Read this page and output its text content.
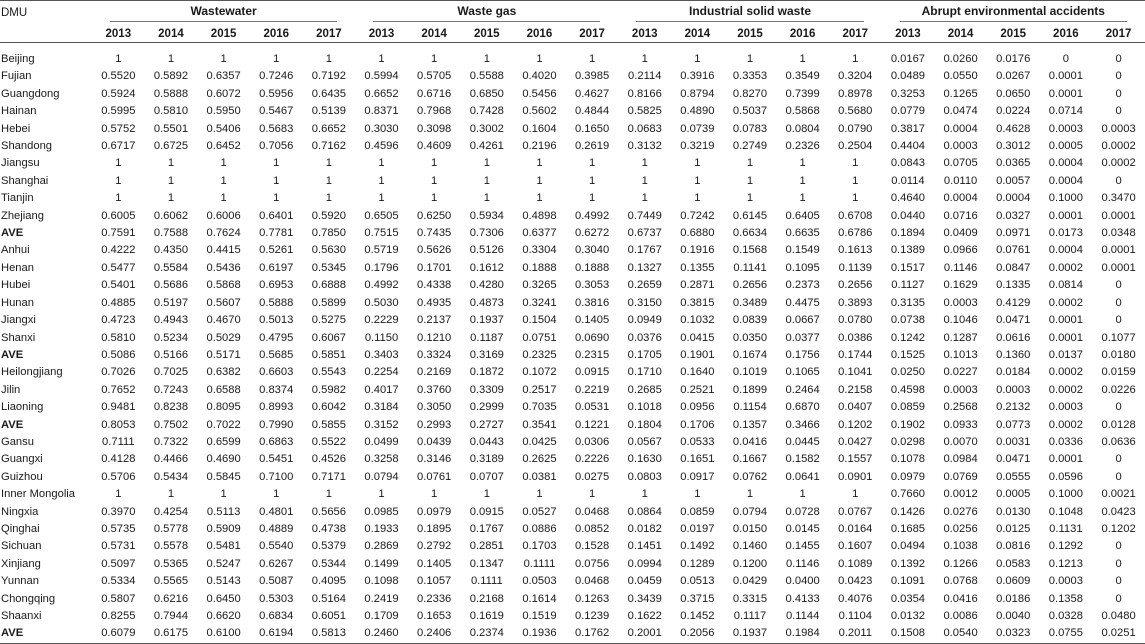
DMU	Wastewater					Waste gas					Industrial solid waste					Abrupt environmental accidents				

	2013	2014	2015	2016	2017	2013	2014	2015	2016	2017	2013	2014	2015	2016	2017	2013	2014	2015	2016	2017

Beijing	1	1	1	1	1	1	1	1	1	1	1	1	1	1	1	0.0167	0.0260	0.0176	0	0
Fujian	0.5520	0.5892	0.6357	0.7246	0.7192	0.5994	0.5705	0.5588	0.4020	0.3985	0.2114	0.3916	0.3353	0.3549	0.3204	0.0489	0.0550	0.0267	0.0001	0
Guangdong	0.5924	0.5888	0.6072	0.5956	0.6435	0.6652	0.6716	0.6850	0.5456	0.4627	0.8166	0.8794	0.8270	0.7399	0.8978	0.3253	0.1265	0.0650	0.0001	0
Hainan	0.5995	0.5810	0.5950	0.5467	0.5139	0.8371	0.7968	0.7428	0.5602	0.4844	0.5825	0.4890	0.5037	0.5868	0.5680	0.0779	0.0474	0.0224	0.0714	0
Hebei	0.5752	0.5501	0.5406	0.5683	0.6652	0.3030	0.3098	0.3002	0.1604	0.1650	0.0683	0.0739	0.0783	0.0804	0.0790	0.3817	0.0004	0.4628	0.0003	0.0003
Shandong	0.6717	0.6725	0.6452	0.7056	0.7162	0.4596	0.4609	0.4261	0.2196	0.2619	0.3132	0.3219	0.2749	0.2326	0.2504	0.4404	0.0003	0.3012	0.0005	0.0002
Jiangsu	1	1	1	1	1	1	1	1	1	1	1	1	1	1	1	0.0843	0.0705	0.0365	0.0004	0.0002
Shanghai	1	1	1	1	1	1	1	1	1	1	1	1	1	1	1	0.0114	0.0110	0.0057	0.0004	0
Tianjin	1	1	1	1	1	1	1	1	1	1	1	1	1	1	1	0.4640	0.0004	0.0004	0.1000	0.3470
Zhejiang	0.6005	0.6062	0.6006	0.6401	0.5920	0.6505	0.6250	0.5934	0.4898	0.4992	0.7449	0.7242	0.6145	0.6405	0.6708	0.0440	0.0716	0.0327	0.0001	0.0001
AVE	0.7591	0.7588	0.7624	0.7781	0.7850	0.7515	0.7435	0.7306	0.6377	0.6272	0.6737	0.6880	0.6634	0.6635	0.6786	0.1894	0.0409	0.0971	0.0173	0.0348
Anhui	0.4222	0.4350	0.4415	0.5261	0.5630	0.5719	0.5626	0.5126	0.3304	0.3040	0.1767	0.1916	0.1568	0.1549	0.1613	0.1389	0.0966	0.0761	0.0004	0.0001
Henan	0.5477	0.5584	0.5436	0.6197	0.5345	0.1796	0.1701	0.1612	0.1888	0.1888	0.1327	0.1355	0.1141	0.1095	0.1139	0.1517	0.1146	0.0847	0.0002	0.0001
Hubei	0.5401	0.5686	0.5868	0.6953	0.6888	0.4992	0.4338	0.4280	0.3265	0.3053	0.2659	0.2871	0.2656	0.2373	0.2656	0.1127	0.1629	0.1335	0.0814	0
Hunan	0.4885	0.5197	0.5607	0.5888	0.5899	0.5030	0.4935	0.4873	0.3241	0.3816	0.3150	0.3815	0.3489	0.4475	0.3893	0.3135	0.0003	0.4129	0.0002	0
Jiangxi	0.4723	0.4943	0.4670	0.5013	0.5275	0.2229	0.2137	0.1937	0.1504	0.1405	0.0949	0.1032	0.0839	0.0667	0.0780	0.0738	0.1046	0.0471	0.0001	0
Shanxi	0.5810	0.5234	0.5029	0.4795	0.6067	0.1150	0.1210	0.1187	0.0751	0.0690	0.0376	0.0415	0.0350	0.0377	0.0386	0.1242	0.1287	0.0616	0.0001	0.1077
AVE	0.5086	0.5166	0.5171	0.5685	0.5851	0.3403	0.3324	0.3169	0.2325	0.2315	0.1705	0.1901	0.1674	0.1756	0.1744	0.1525	0.1013	0.1360	0.0137	0.0180
Heilongjiang	0.7026	0.7025	0.6382	0.6603	0.5543	0.2254	0.2169	0.1872	0.1072	0.0915	0.1710	0.1640	0.1019	0.1065	0.1041	0.0250	0.0227	0.0184	0.0002	0.0159
Jilin	0.7652	0.7243	0.6588	0.8374	0.5982	0.4017	0.3760	0.3309	0.2517	0.2219	0.2685	0.2521	0.1899	0.2464	0.2158	0.4598	0.0003	0.0003	0.0002	0.0226
Liaoning	0.9481	0.8238	0.8095	0.8993	0.6042	0.3184	0.3050	0.2999	0.7035	0.0531	0.1018	0.0956	0.1154	0.6870	0.0407	0.0859	0.2568	0.2132	0.0003	0
AVE	0.8053	0.7502	0.7022	0.7990	0.5855	0.3152	0.2993	0.2727	0.3541	0.1221	0.1804	0.1706	0.1357	0.3466	0.1202	0.1902	0.0933	0.0773	0.0002	0.0128
Gansu	0.7111	0.7322	0.6599	0.6863	0.5522	0.0499	0.0439	0.0443	0.0425	0.0306	0.0567	0.0533	0.0416	0.0445	0.0427	0.0298	0.0070	0.0031	0.0336	0.0636
Guangxi	0.4128	0.4466	0.4690	0.5451	0.4526	0.3258	0.3146	0.3189	0.2625	0.2226	0.1630	0.1651	0.1667	0.1582	0.1557	0.1078	0.0984	0.0471	0.0001	0
Guizhou	0.5706	0.5434	0.5845	0.7100	0.7171	0.0794	0.0761	0.0707	0.0381	0.0275	0.0803	0.0917	0.0762	0.0641	0.0901	0.0979	0.0769	0.0555	0.0596	0
Inner Mongolia	1	1	1	1	1	1	1	1	1	1	1	1	1	1	1	0.7660	0.0012	0.0005	0.1000	0.0021
Ningxia	0.3970	0.4254	0.5113	0.4801	0.5656	0.0985	0.0979	0.0915	0.0527	0.0468	0.0864	0.0859	0.0794	0.0728	0.0767	0.1426	0.0276	0.0130	0.1048	0.0423
Qinghai	0.5735	0.5778	0.5909	0.4889	0.4738	0.1933	0.1895	0.1767	0.0886	0.0852	0.0182	0.0197	0.0150	0.0145	0.0164	0.1685	0.0256	0.0125	0.1131	0.1202
Sichuan	0.5731	0.5578	0.5481	0.5540	0.5379	0.2869	0.2792	0.2851	0.1703	0.1528	0.1451	0.1492	0.1460	0.1455	0.1607	0.0494	0.1038	0.0816	0.1292	0
Xinjiang	0.5097	0.5365	0.5247	0.6267	0.5344	0.1499	0.1405	0.1347	0.1111	0.0756	0.0994	0.1289	0.1200	0.1146	0.1089	0.1392	0.1266	0.0583	0.1213	0
Yunnan	0.5334	0.5565	0.5143	0.5087	0.4095	0.1098	0.1057	0.1111	0.0503	0.0468	0.0459	0.0513	0.0429	0.0400	0.0423	0.1091	0.0768	0.0609	0.0003	0
Chongqing	0.5807	0.6216	0.6450	0.5303	0.5164	0.2419	0.2336	0.2168	0.1614	0.1263	0.3439	0.3715	0.3315	0.4133	0.4076	0.0354	0.0416	0.0186	0.1358	0
Shaanxi	0.8255	0.7944	0.6620	0.6834	0.6051	0.1709	0.1653	0.1619	0.1519	0.1239	0.1622	0.1452	0.1117	0.1144	0.1104	0.0132	0.0086	0.0040	0.0328	0.0480
AVE	0.6079	0.6175	0.6100	0.6194	0.5813	0.2460	0.2406	0.2374	0.1936	0.1762	0.2001	0.2056	0.1937	0.1984	0.2011	0.1508	0.0540	0.0323	0.0755	0.0251
